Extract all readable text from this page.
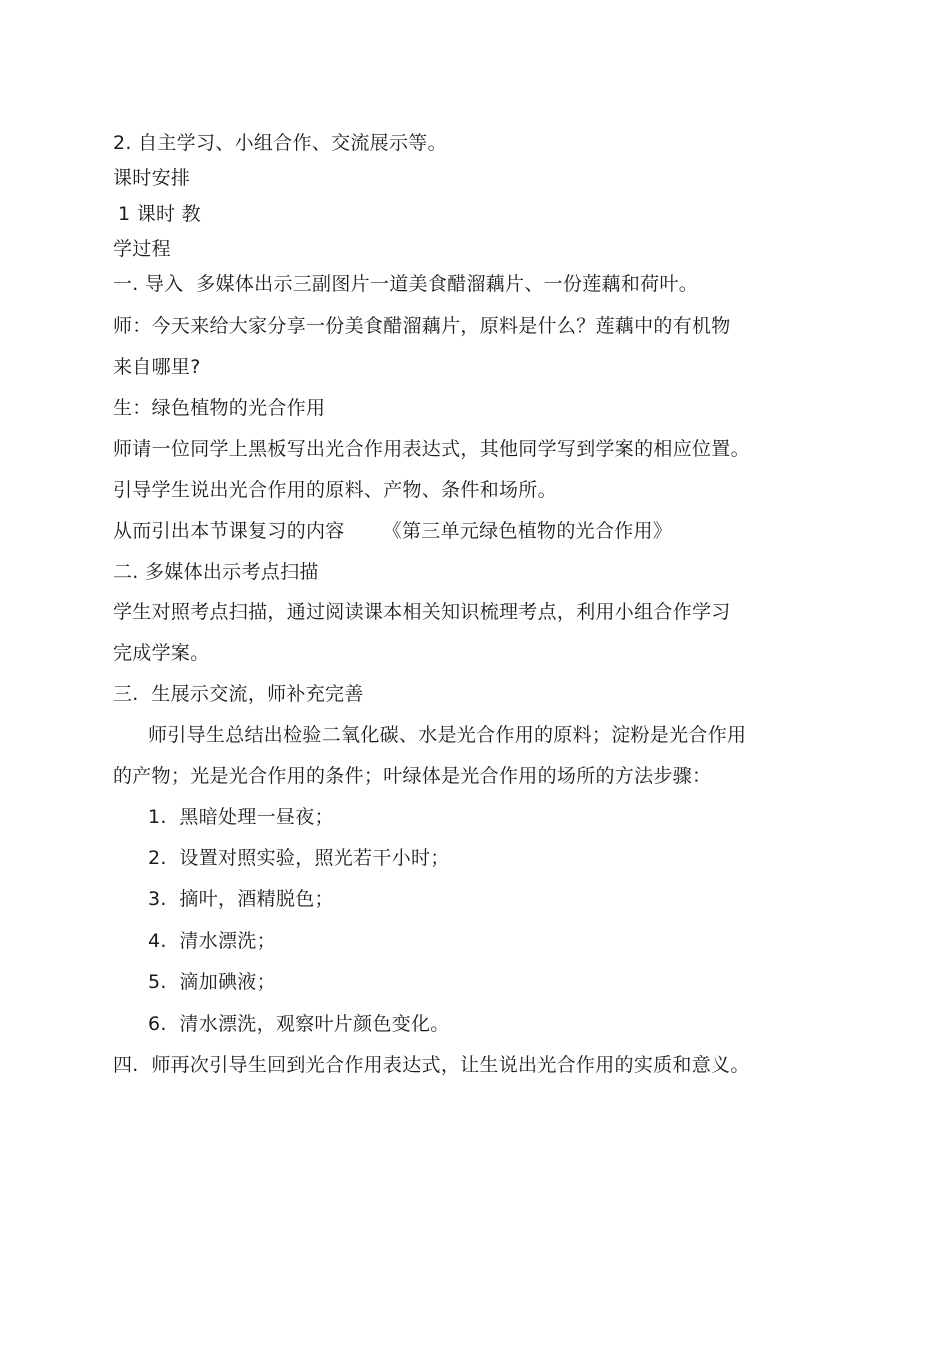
2. 自主学习、小组合作、交流展示等。
课时安排
1 课时 教
学过程
一. 导入  多媒体出示三副图片一道美食醋溜藕片、一份莲藕和荷叶。
师：今天来给大家分享一份美食醋溜藕片，原料是什么？莲藕中的有机物
来自哪里?
生：绿色植物的光合作用
师请一位同学上黑板写出光合作用表达式，其他同学写到学案的相应位置。
引导学生说出光合作用的原料、产物、条件和场所。
从而引出本节课复习的内容      《第三单元绿色植物的光合作用》
二. 多媒体出示考点扫描
学生对照考点扫描，通过阅读课本相关知识梳理考点，利用小组合作学习
完成学案。
三.  生展示交流，师补充完善
师引导生总结出检验二氧化碳、水是光合作用的原料；淀粉是光合作用
的产物；光是光合作用的条件；叶绿体是光合作用的场所的方法步骤：
1.  黑暗处理一昼夜；
2.  设置对照实验，照光若干小时；
3.  摘叶，酒精脱色；
4.  清水漂洗；
5.  滴加碘液；
6.  清水漂洗，观察叶片颜色变化。
四.  师再次引导生回到光合作用表达式，让生说出光合作用的实质和意义。
